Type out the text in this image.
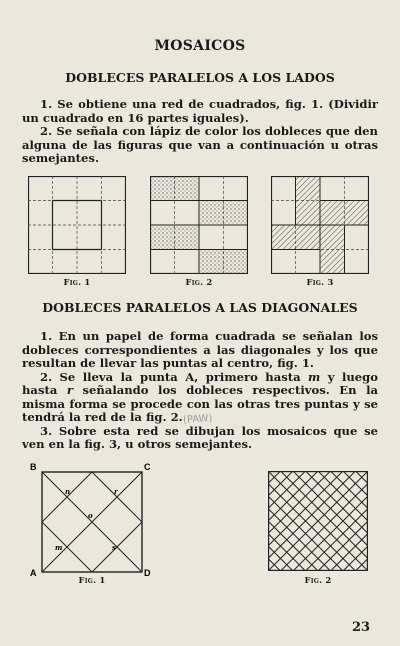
MOSAICOS
DOBLECES PARALELOS A LOS LADOS

1. Se obtiene una red de cuadrados, fig. 1. (Dividir un cuadrado en 16 partes iguales).

2. Se señala con lápiz de color los dobleces que den alguna de las figuras que van a continuación u otras semejantes.

Fig. 1	Fig. 2	Fig. 3
DOBLECES PARALELOS A LAS DIAGONALES

1. En un papel de forma cuadrada se señalan los dobleces correspondientes a las diagonales y los que resultan de llevar las puntas al centro, fig. 1.

2. Se lleva la punta A, primero hasta m y luego hasta r señalando los dobleces respectivos. En la misma forma se procede con las otras tres puntas y se tendrá la red de la fig. 2.

3. Sobre esta red se dibujan los mosaicos que se ven en la fig. 3, u otros semejantes.

(PAW)
B	C
A	D
n	r
o
m	s
Fig. 1	Fig. 2
23
